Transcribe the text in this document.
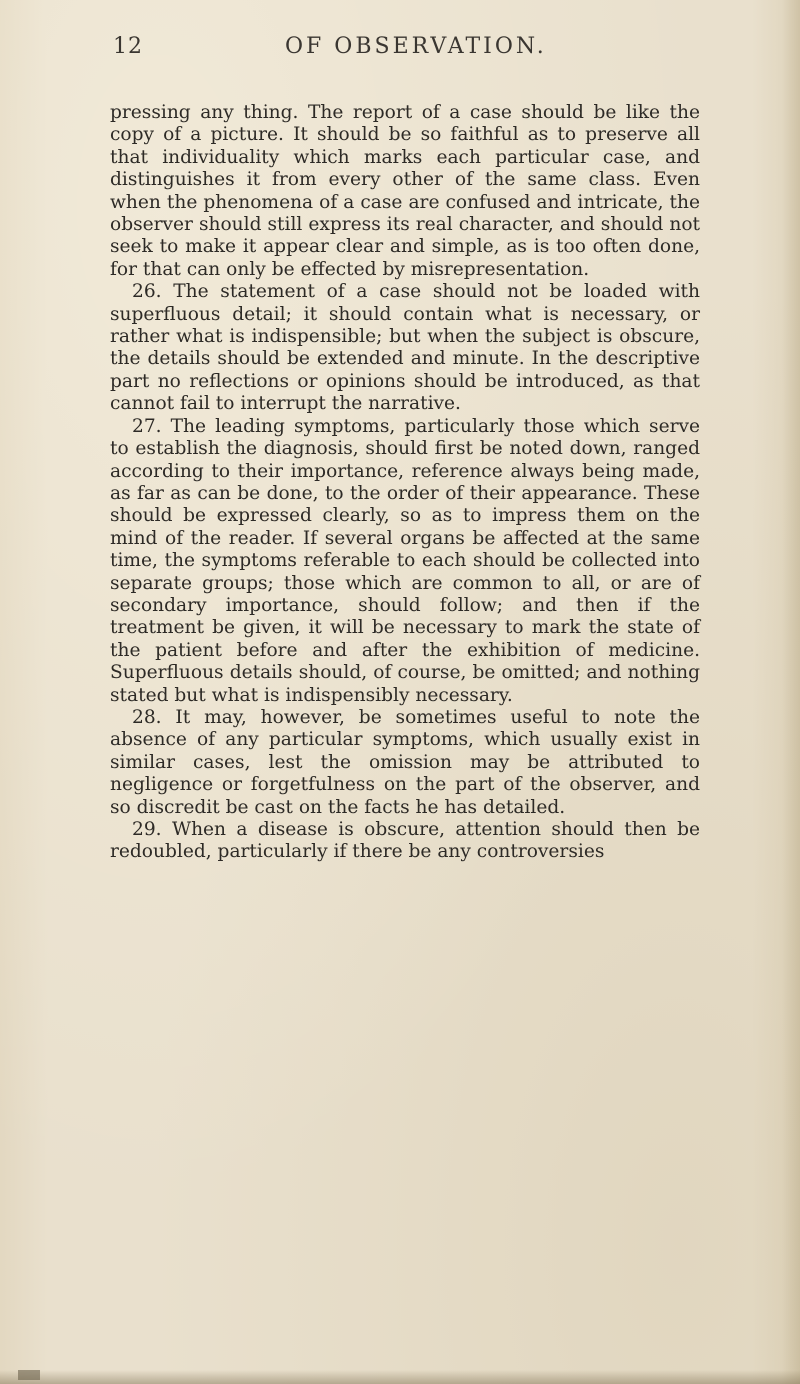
12	OF OBSERVATION.

pressing any thing. The report of a case should be like the copy of a picture. It should be so faithful as to preserve all that individuality which marks each particular case, and distinguishes it from every other of the same class. Even when the phenomena of a case are confused and intricate, the observer should still express its real character, and should not seek to make it appear clear and simple, as is too often done, for that can only be effected by misrepresentation.

26. The statement of a case should not be loaded with superfluous detail; it should contain what is necessary, or rather what is indispensible; but when the subject is obscure, the details should be extended and minute. In the descriptive part no reflections or opinions should be introduced, as that cannot fail to interrupt the narrative.

27. The leading symptoms, particularly those which serve to establish the diagnosis, should first be noted down, ranged according to their importance, reference always being made, as far as can be done, to the order of their appearance. These should be expressed clearly, so as to impress them on the mind of the reader. If several organs be affected at the same time, the symptoms referable to each should be collected into separate groups; those which are common to all, or are of secondary importance, should follow; and then if the treatment be given, it will be necessary to mark the state of the patient before and after the exhibition of medicine. Superfluous details should, of course, be omitted; and nothing stated but what is indispensibly necessary.

28. It may, however, be sometimes useful to note the absence of any particular symptoms, which usually exist in similar cases, lest the omission may be attributed to negligence or forgetfulness on the part of the observer, and so discredit be cast on the facts he has detailed.

29. When a disease is obscure, attention should then be redoubled, particularly if there be any controversies
